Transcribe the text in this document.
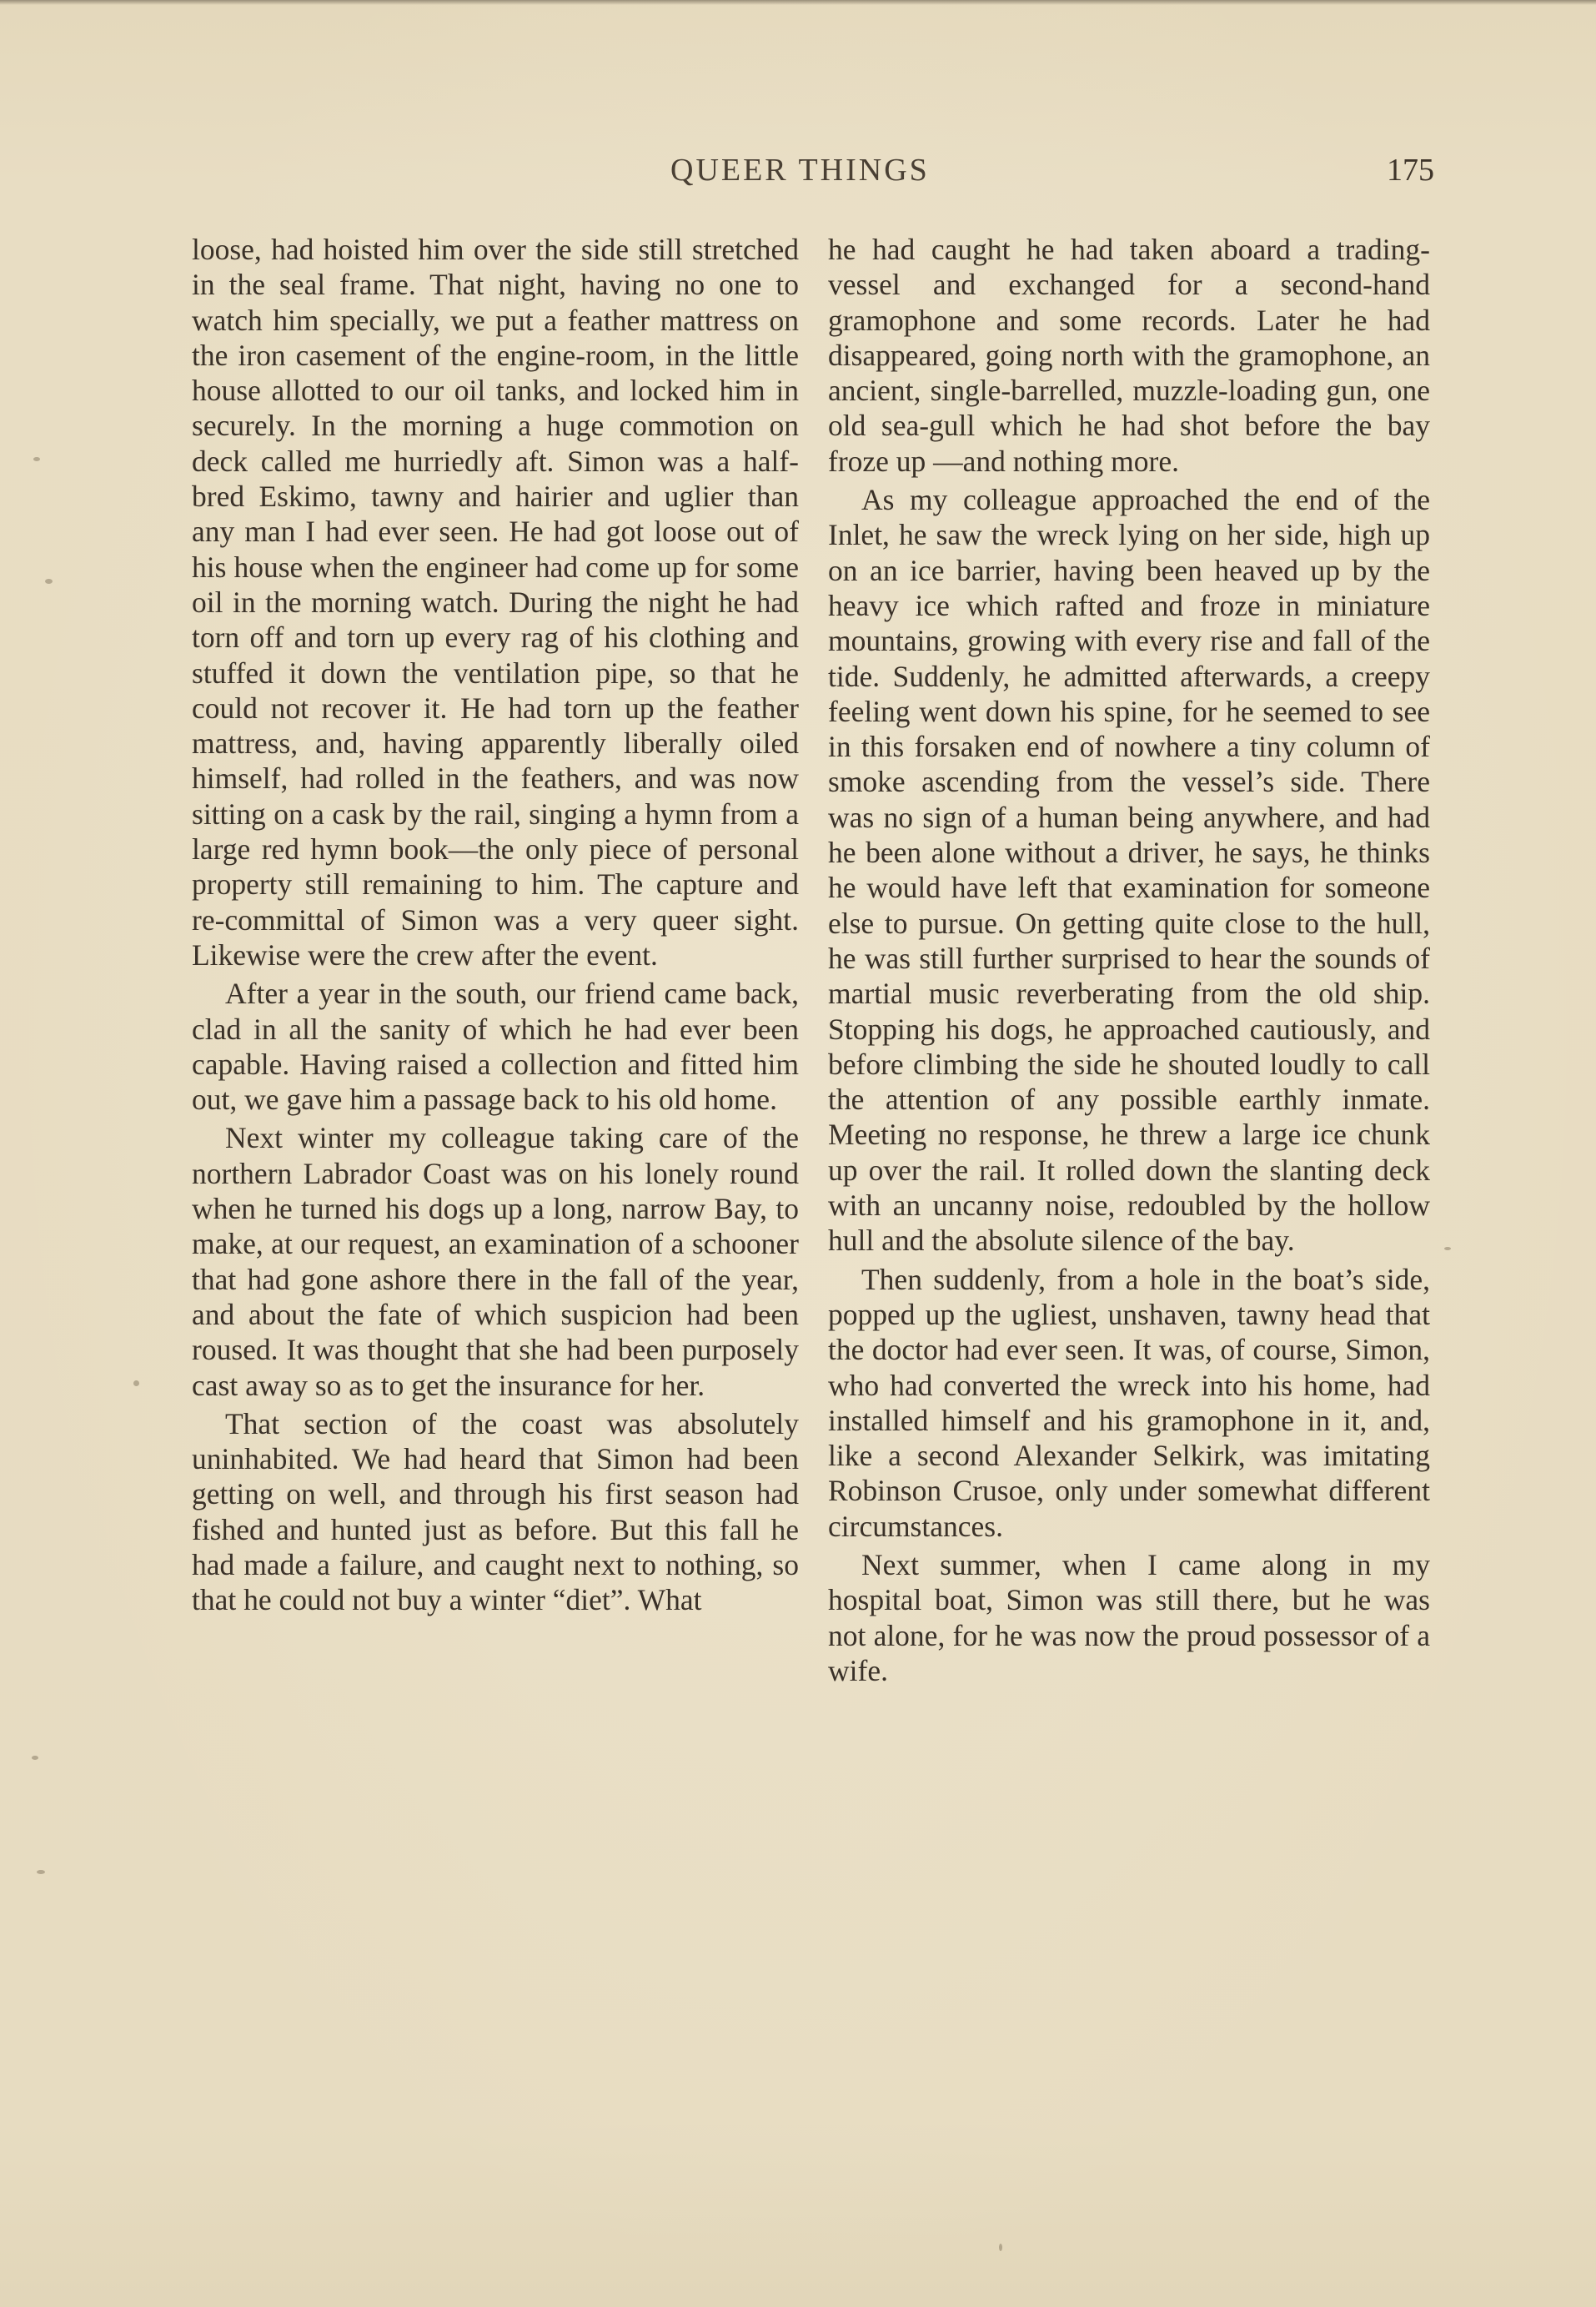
QUEER THINGS	175

loose, had hoisted him over the side still stretched in the seal frame. That night, having no one to watch him specially, we put a feather mattress on the iron casement of the engine-room, in the little house allotted to our oil tanks, and locked him in securely. In the morning a huge commotion on deck called me hurriedly aft. Simon was a half-bred Eskimo, tawny and hairier and uglier than any man I had ever seen. He had got loose out of his house when the engineer had come up for some oil in the morning watch. During the night he had torn off and torn up every rag of his clothing and stuffed it down the ventilation pipe, so that he could not recover it. He had torn up the feather mattress, and, having apparently liberally oiled himself, had rolled in the feathers, and was now sitting on a cask by the rail, singing a hymn from a large red hymn book—the only piece of personal property still remaining to him. The capture and re-committal of Simon was a very queer sight. Likewise were the crew after the event.

After a year in the south, our friend came back, clad in all the sanity of which he had ever been capable. Having raised a collection and fitted him out, we gave him a passage back to his old home.

Next winter my colleague taking care of the northern Labrador Coast was on his lonely round when he turned his dogs up a long, narrow Bay, to make, at our request, an examination of a schooner that had gone ashore there in the fall of the year, and about the fate of which suspicion had been roused. It was thought that she had been purposely cast away so as to get the insurance for her.

That section of the coast was absolutely uninhabited. We had heard that Simon had been getting on well, and through his first season had fished and hunted just as before. But this fall he had made a failure, and caught next to nothing, so that he could not buy a winter “diet”. What

he had caught he had taken aboard a trading-vessel and exchanged for a second-hand gramophone and some records. Later he had disappeared, going north with the gramophone, an ancient, single-barrelled, muzzle-loading gun, one old sea-gull which he had shot before the bay froze up —and nothing more.

As my colleague approached the end of the Inlet, he saw the wreck lying on her side, high up on an ice barrier, having been heaved up by the heavy ice which rafted and froze in miniature mountains, growing with every rise and fall of the tide. Suddenly, he admitted afterwards, a creepy feeling went down his spine, for he seemed to see in this forsaken end of nowhere a tiny column of smoke ascending from the vessel’s side. There was no sign of a human being anywhere, and had he been alone without a driver, he says, he thinks he would have left that examination for someone else to pursue. On getting quite close to the hull, he was still further surprised to hear the sounds of martial music reverberating from the old ship. Stopping his dogs, he approached cautiously, and before climbing the side he shouted loudly to call the attention of any possible earthly inmate. Meeting no response, he threw a large ice chunk up over the rail. It rolled down the slanting deck with an uncanny noise, redoubled by the hollow hull and the absolute silence of the bay.

Then suddenly, from a hole in the boat’s side, popped up the ugliest, unshaven, tawny head that the doctor had ever seen. It was, of course, Simon, who had converted the wreck into his home, had installed himself and his gramophone in it, and, like a second Alexander Selkirk, was imitating Robinson Crusoe, only under somewhat different circumstances.

Next summer, when I came along in my hospital boat, Simon was still there, but he was not alone, for he was now the proud possessor of a wife.
